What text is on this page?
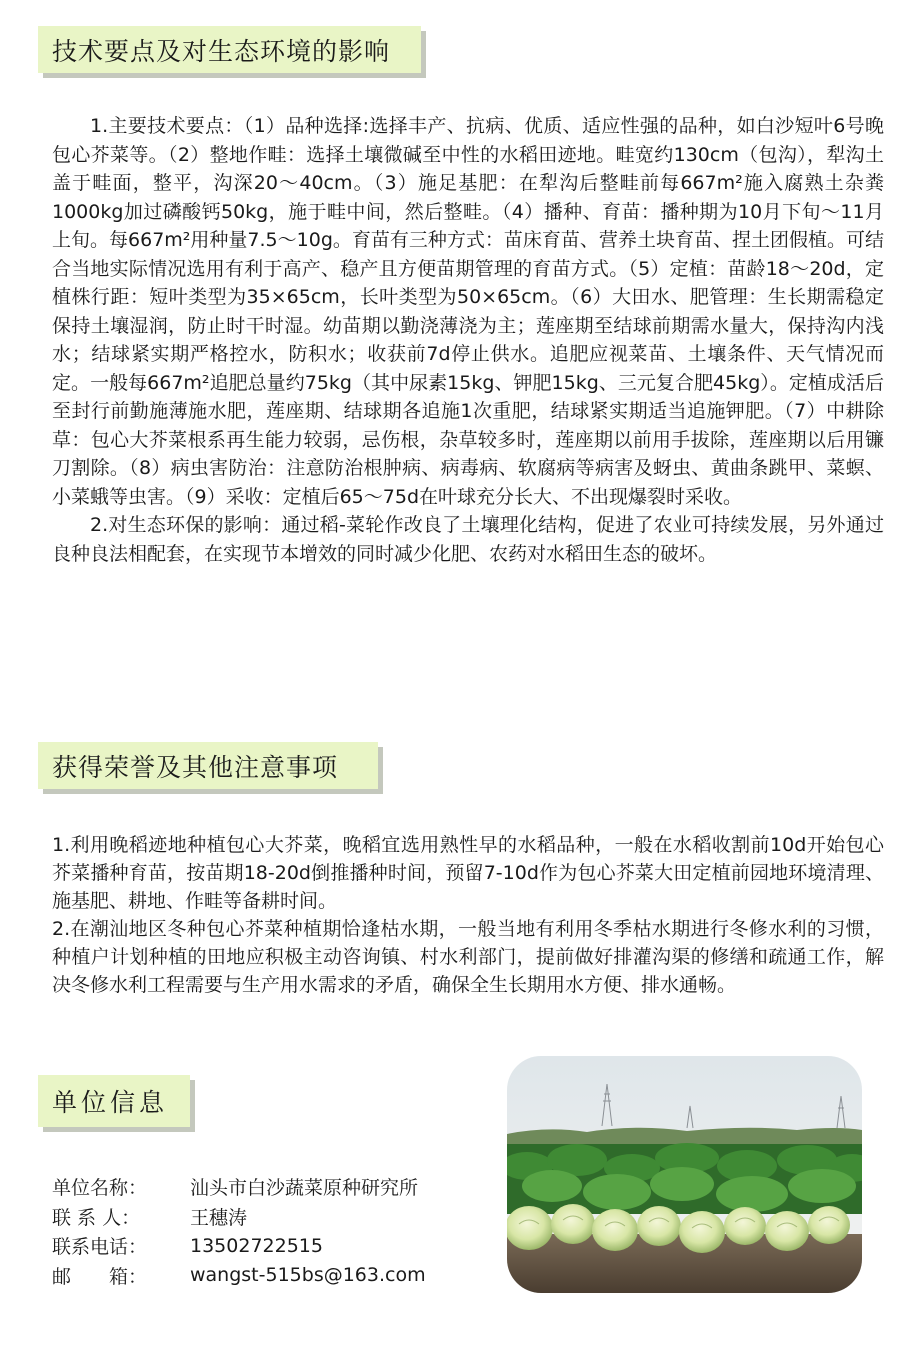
技术要点及对生态环境的影响

1.主要技术要点：（1）品种选择:选择丰产、抗病、优质、适应性强的品种，如白沙短叶6号晚包心芥菜等。（2）整地作畦：选择土壤微碱至中性的水稻田迹地。畦宽约130cm（包沟），犁沟土盖于畦面，整平，沟深20～40cm。（3）施足基肥：在犁沟后整畦前每667m²施入腐熟土杂粪1000kg加过磷酸钙50kg，施于畦中间，然后整畦。（4）播种、育苗：播种期为10月下旬～11月上旬。每667m²用种量7.5～10g。育苗有三种方式：苗床育苗、营养土块育苗、捏土团假植。可结合当地实际情况选用有利于高产、稳产且方便苗期管理的育苗方式。（5）定植：苗龄18～20d，定植株行距：短叶类型为35×65cm，长叶类型为50×65cm。（6）大田水、肥管理：生长期需稳定保持土壤湿润，防止时干时湿。幼苗期以勤浇薄浇为主；莲座期至结球前期需水量大，保持沟内浅水；结球紧实期严格控水，防积水；收获前7d停止供水。追肥应视菜苗、土壤条件、天气情况而定。一般每667m²追肥总量约75kg（其中尿素15kg、钾肥15kg、三元复合肥45kg）。定植成活后至封行前勤施薄施水肥，莲座期、结球期各追施1次重肥，结球紧实期适当追施钾肥。（7）中耕除草：包心大芥菜根系再生能力较弱，忌伤根，杂草较多时，莲座期以前用手拔除，莲座期以后用镰刀割除。（8）病虫害防治：注意防治根肿病、病毒病、软腐病等病害及蚜虫、黄曲条跳甲、菜螟、小菜蛾等虫害。（9）采收：定植后65～75d在叶球充分长大、不出现爆裂时采收。

2.对生态环保的影响：通过稻-菜轮作改良了土壤理化结构，促进了农业可持续发展，另外通过良种良法相配套，在实现节本增效的同时减少化肥、农药对水稻田生态的破坏。

获得荣誉及其他注意事项

1.利用晚稻迹地种植包心大芥菜，晚稻宜选用熟性早的水稻品种，一般在水稻收割前10d开始包心芥菜播种育苗，按苗期18-20d倒推播种时间，预留7-10d作为包心芥菜大田定植前园地环境清理、施基肥、耕地、作畦等备耕时间。

2.在潮汕地区冬种包心芥菜种植期恰逢枯水期，一般当地有利用冬季枯水期进行冬修水利的习惯，种植户计划种植的田地应积极主动咨询镇、村水利部门，提前做好排灌沟渠的修缮和疏通工作，解决冬修水利工程需要与生产用水需求的矛盾，确保全生长期用水方便、排水通畅。

单位信息
单位名称：	汕头市白沙蔬菜原种研究所
联 系 人：	王穗涛
联系电话：	13502722515
邮　　箱：	wangst-515bs@163.com
